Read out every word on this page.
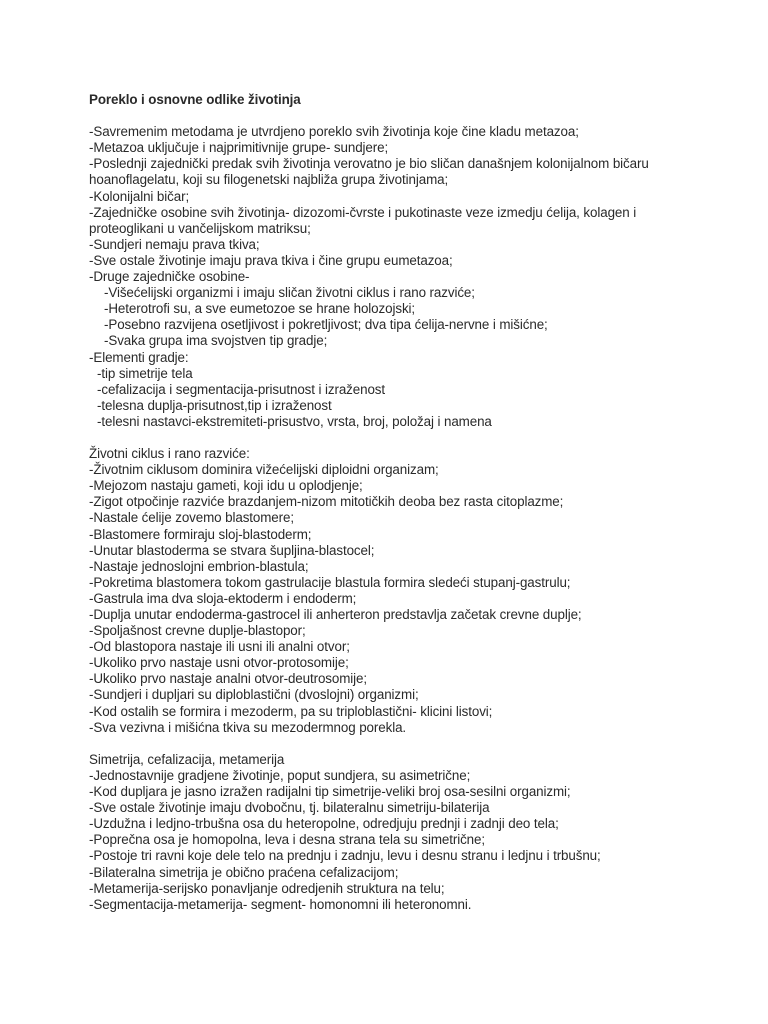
Poreklo i osnovne odlike životinja
-Savremenim metodama je utvrdjeno poreklo svih životinja koje čine kladu metazoa;
-Metazoa uključuje i najprimitivnije grupe- sundjere;
-Poslednji zajednički predak svih životinja verovatno je bio sličan današnjem kolonijalnom bičaru
hoanoflagelatu, koji su filogenetski najbliža grupa životinjama;
-Kolonijalni bičar;
-Zajedničke osobine svih životinja- dizozomi-čvrste i pukotinaste veze izmedju ćelija, kolagen i
proteoglikani u vančelijskom matriksu;
-Sundjeri nemaju prava tkiva;
-Sve ostale životinje imaju prava tkiva i čine grupu eumetazoa;
-Druge zajedničke osobine-
-Višećelijski organizmi i imaju sličan životni ciklus i rano razviće;
-Heterotrofi su, a sve eumetozoe se hrane holozojski;
-Posebno razvijena osetljivost i pokretljivost; dva tipa ćelija-nervne i mišićne;
-Svaka grupa ima svojstven tip gradje;
-Elementi gradje:
-tip simetrije tela
-cefalizacija i segmentacija-prisutnost i izraženost
-telesna duplja-prisutnost,tip i izraženost
-telesni nastavci-ekstremiteti-prisustvo, vrsta, broj, položaj i namena
Životni ciklus i rano razviće:
-Životnim ciklusom dominira vižećelijski diploidni organizam;
-Mejozom nastaju gameti, koji idu u oplodjenje;
-Zigot otpočinje razviće brazdanjem-nizom mitotičkih deoba bez rasta citoplazme;
-Nastale ćelije zovemo blastomere;
-Blastomere formiraju sloj-blastoderm;
-Unutar blastoderma se stvara šupljina-blastocel;
-Nastaje jednoslojni embrion-blastula;
-Pokretima blastomera tokom gastrulacije blastula formira sledeći stupanj-gastrulu;
-Gastrula ima dva sloja-ektoderm i endoderm;
-Duplja unutar endoderma-gastrocel ili anherteron predstavlja začetak crevne duplje;
-Spoljašnost crevne duplje-blastopor;
-Od blastopora nastaje ili usni ili analni otvor;
-Ukoliko prvo nastaje usni otvor-protosomije;
-Ukoliko prvo nastaje analni otvor-deutrosomije;
-Sundjeri i dupljari su diploblastični (dvoslojni) organizmi;
-Kod ostalih se formira i mezoderm, pa su triploblastični- klicini listovi;
-Sva vezivna i mišićna tkiva su mezodermnog porekla.
Simetrija, cefalizacija, metamerija
-Jednostavnije gradjene životinje, poput sundjera, su asimetrične;
-Kod dupljara je jasno izražen radijalni tip simetrije-veliki broj osa-sesilni organizmi;
-Sve ostale životinje imaju dvobočnu, tj. bilateralnu simetriju-bilaterija
-Uzdužna i ledjno-trbušna osa du heteropolne, odredjuju prednji i zadnji deo tela;
-Poprečna osa je homopolna, leva i desna strana tela su simetrične;
-Postoje tri ravni koje dele telo na prednju i zadnju, levu i desnu stranu i ledjnu i trbušnu;
-Bilateralna simetrija je obično praćena cefalizacijom;
-Metamerija-serijsko ponavljanje odredjenih struktura na telu;
-Segmentacija-metamerija- segment- homonomni ili heteronomni.
